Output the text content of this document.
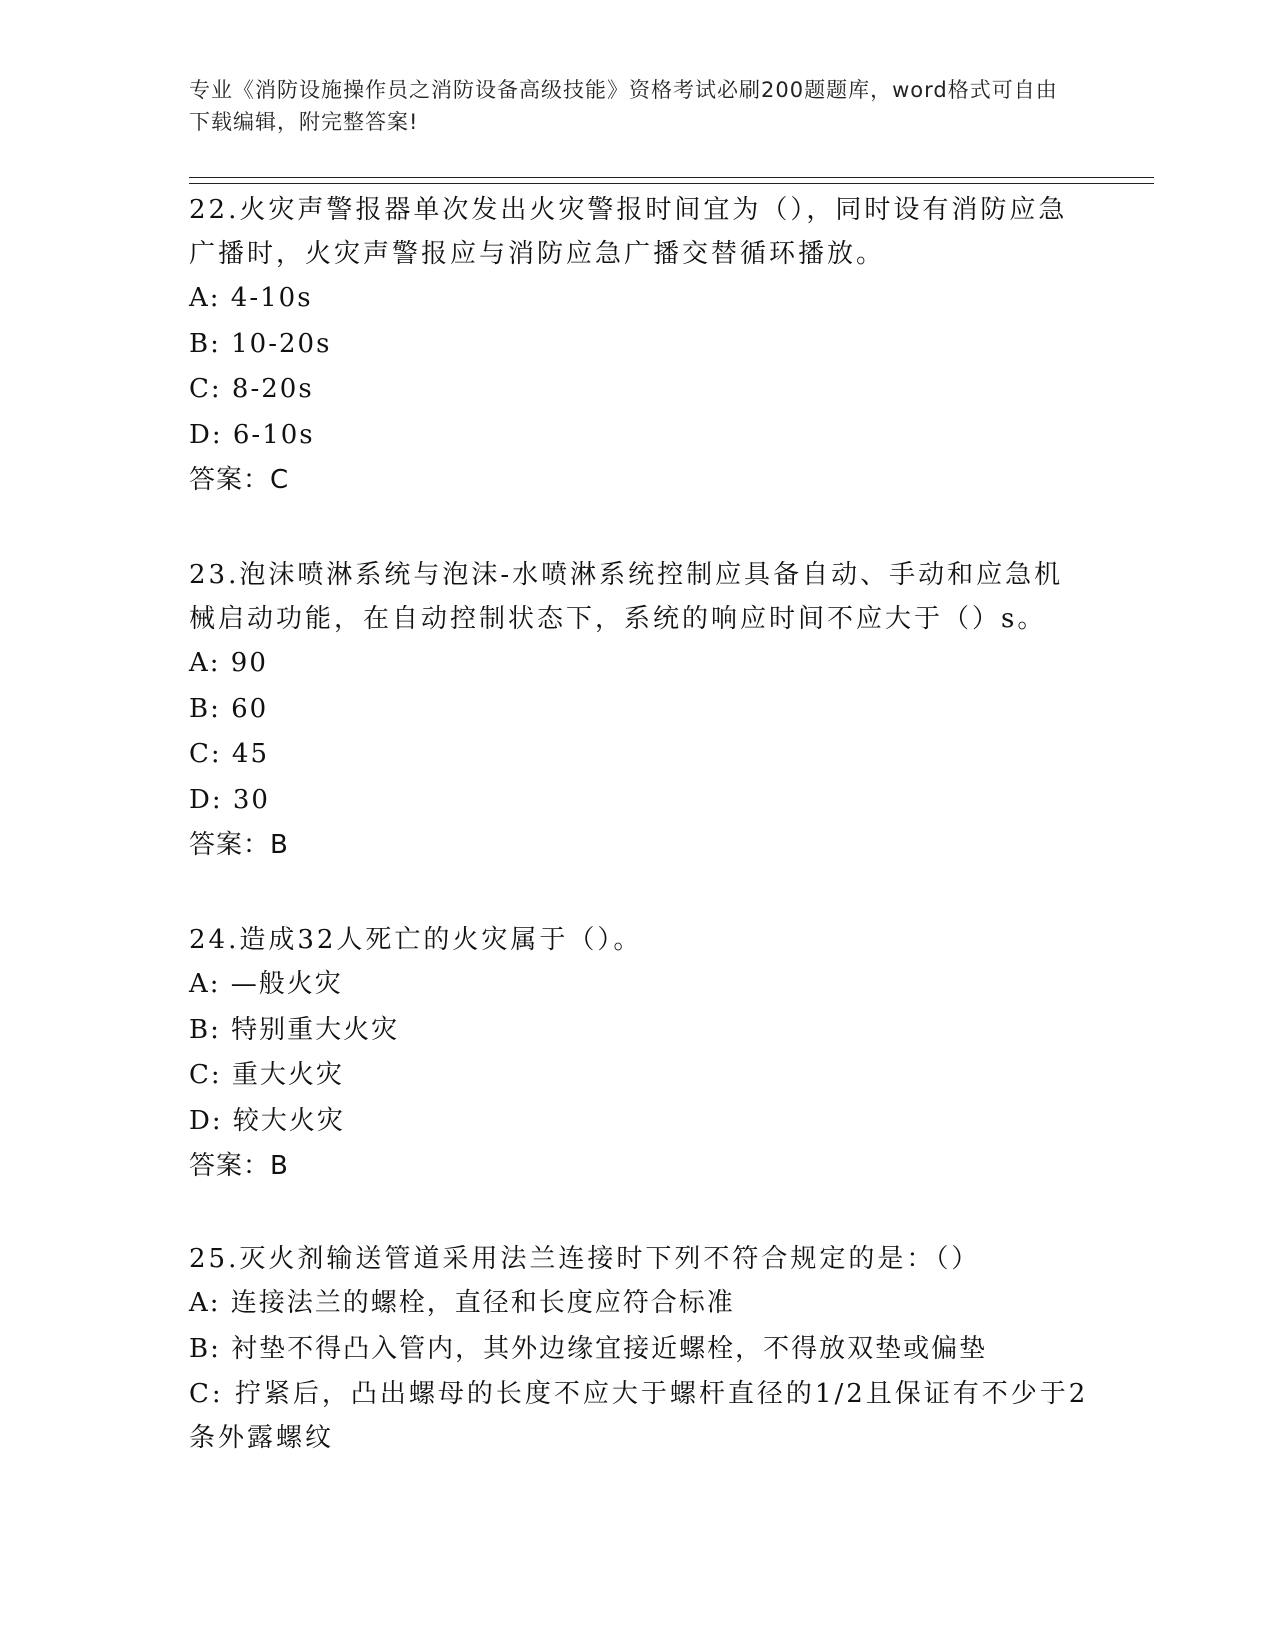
专业《消防设施操作员之消防设备高级技能》资格考试必刷200题题库，word格式可自由下载编辑，附完整答案!

22.火灾声警报器单次发出火灾警报时间宜为（），同时设有消防应急广播时，火灾声警报应与消防应急广播交替循环播放。

A: 4-10s

B: 10-20s

C: 8-20s

D: 6-10s

答案：C

23.泡沫喷淋系统与泡沫-水喷淋系统控制应具备自动、手动和应急机械启动功能，在自动控制状态下，系统的响应时间不应大于（）s。

A: 90

B: 60

C: 45

D: 30

答案：B

24.造成32人死亡的火灾属于（）。

A: —般火灾

B: 特别重大火灾

C: 重大火灾

D: 较大火灾

答案：B

25.灭火剂输送管道采用法兰连接时下列不符合规定的是：（）

A: 连接法兰的螺栓，直径和长度应符合标准

B: 衬垫不得凸入管内，其外边缘宜接近螺栓，不得放双垫或偏垫

C: 拧紧后，凸出螺母的长度不应大于螺杆直径的1/2且保证有不少于2条外露螺纹
